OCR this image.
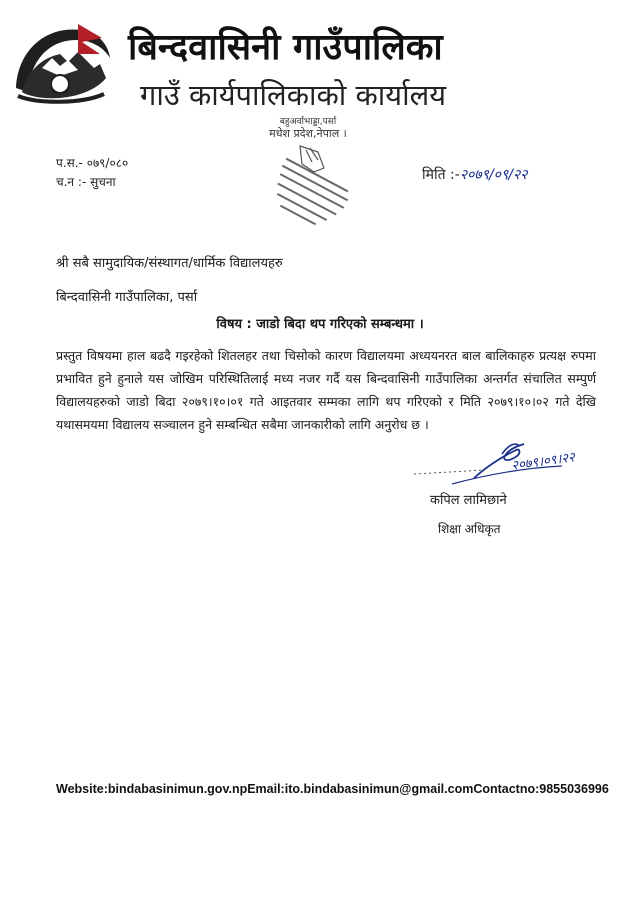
बिन्दवासिनी गाउँपालिका
गाउँ कार्यपालिकाको कार्यालय
प.स.- ०७९/०८०
च.न :- सुचना
बहुअर्वाभाड्डा,पर्सा
मधेश प्रदेश,नेपाल ।
मिति :-२०७९/०९/२२
श्री सबै सामुदायिक/संस्थागत/धार्मिक विद्यालयहरु
बिन्दवासिनी गाउँपालिका, पर्सा
विषय : जाडो बिदा थप गरिएको सम्बन्धमा ।

प्रस्तुत विषयमा हाल बढदै गइरहेको शितलहर तथा चिसोको कारण विद्यालयमा अध्ययनरत बाल बालिकाहरु प्रत्यक्ष रुपमा प्रभावित हुने हुनाले यस जोखिम परिस्थितिलाई मध्य नजर गर्दै यस बिन्दवासिनी गाउँपालिका अन्तर्गत संचालित सम्पुर्ण विद्यालयहरुको जाडो बिदा २०७९।१०।०१ गते आइतवार सम्मका लागि थप गरिएको र मिति २०७९।१०।०२ गते देखि यथासमयमा विद्यालय सञ्चालन हुने सम्बन्धित सबैमा जानकारीको लागि अनुरोध छ ।

२०७९।०९।२२
कपिल लामिछाने
शिक्षा अधिकृत
Website:bindabasinimun.gov.npEmail:ito.bindabasinimun@gmail.comContactno:9855036996
